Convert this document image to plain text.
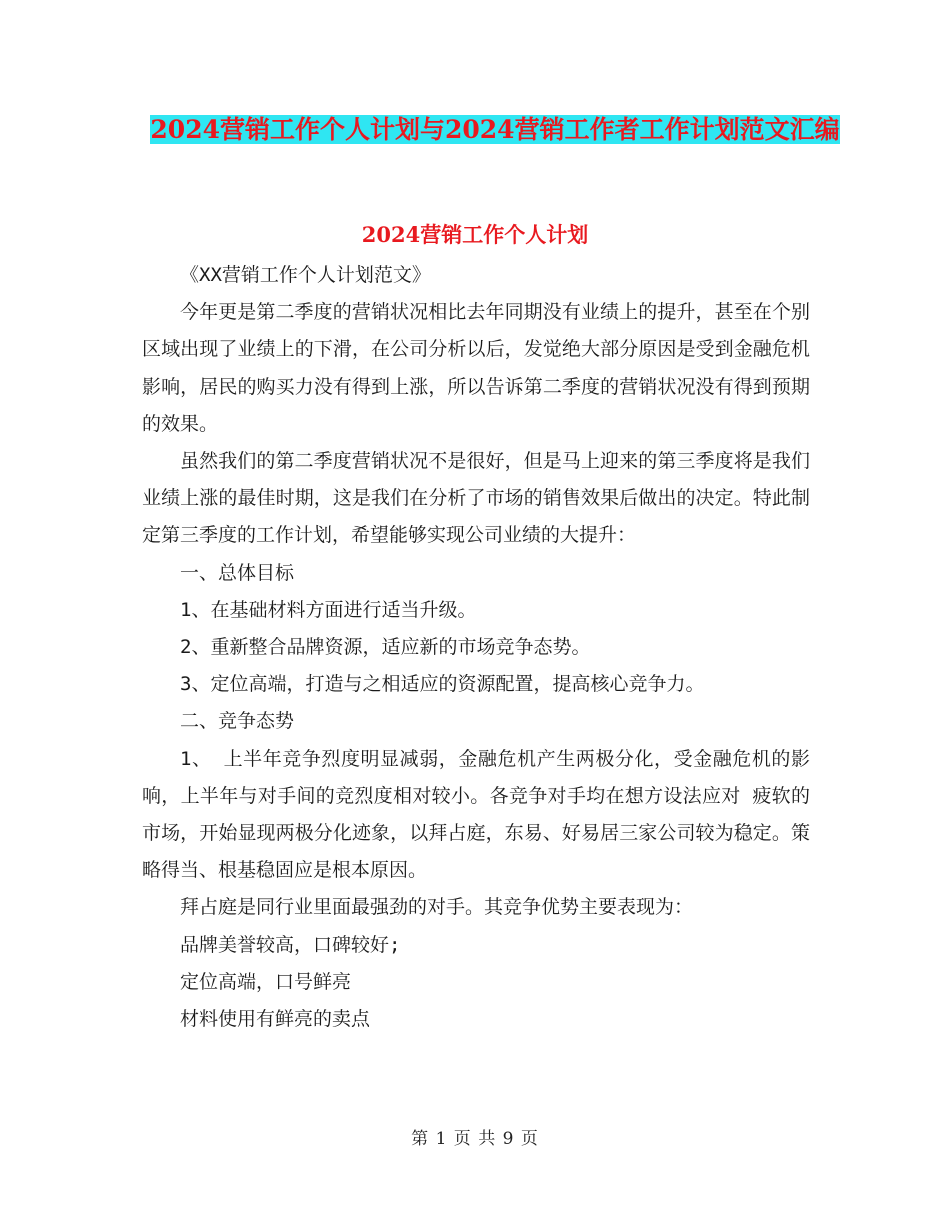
2024营销工作个人计划与2024营销工作者工作计划范文汇编
2024营销工作个人计划

《XX营销工作个人计划范文》

今年更是第二季度的营销状况相比去年同期没有业绩上的提升，甚至在个别区域出现了业绩上的下滑，在公司分析以后，发觉绝大部分原因是受到金融危机影响，居民的购买力没有得到上涨，所以告诉第二季度的营销状况没有得到预期的效果。

虽然我们的第二季度营销状况不是很好，但是马上迎来的第三季度将是我们业绩上涨的最佳时期，这是我们在分析了市场的销售效果后做出的决定。特此制定第三季度的工作计划，希望能够实现公司业绩的大提升：

一、总体目标

1、在基础材料方面进行适当升级。

2、重新整合品牌资源，适应新的市场竞争态势。

3、定位高端，打造与之相适应的资源配置，提高核心竞争力。

二、竞争态势

1、 上半年竞争烈度明显减弱，金融危机产生两极分化，受金融危机的影响，上半年与对手间的竞烈度相对较小。各竞争对手均在想方设法应对 疲软的市场，开始显现两极分化迹象，以拜占庭，东易、好易居三家公司较为稳定。策略得当、根基稳固应是根本原因。

拜占庭是同行业里面最强劲的对手。其竞争优势主要表现为：

品牌美誉较高，口碑较好;

定位高端，口号鲜亮

材料使用有鲜亮的卖点

第 1 页 共 9 页
